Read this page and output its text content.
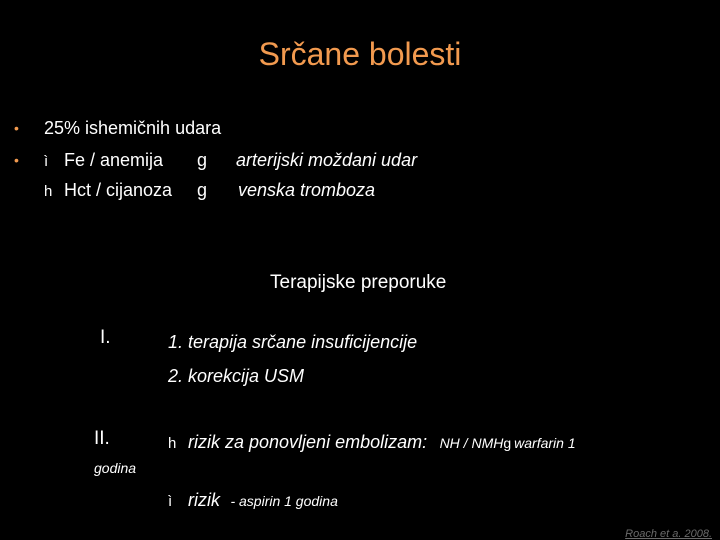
Srčane bolesti
• 25% ishemičnih udara
• ì Fe / anemija g arterijski moždani udar
h Hct / cijanoza g venska tromboza
Terapijske preporuke
I.	1. terapija srčane insuficijencije
2. korekcija USM
II.
godina
h rizik za ponovljeni embolizam: NH / NMHg warfarin 1
ì rizik - aspirin 1 godina
Roach et a. 2008.
